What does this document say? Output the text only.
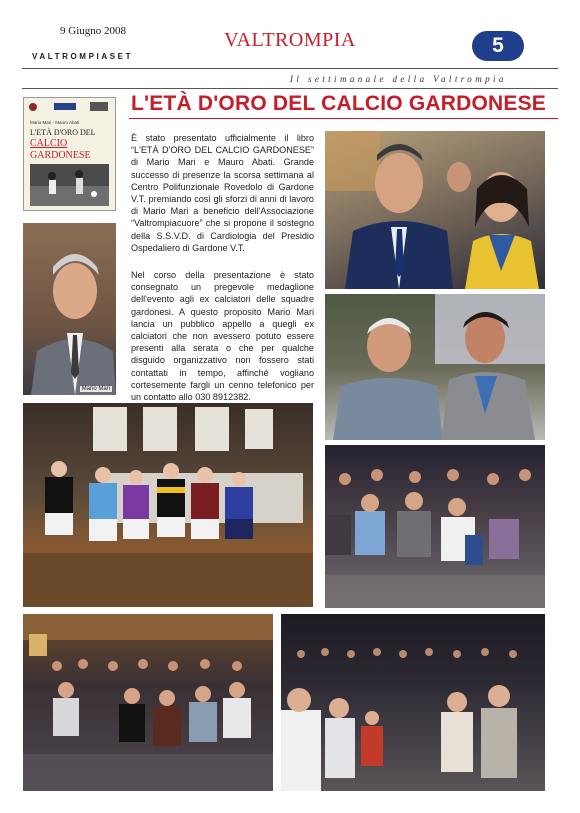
9 Giugno 2008
VALTROMPIASET
VALTROMPIA	5
Il settimanale della Valtrompia
L'ETÀ D'ORO DEL CALCIO GARDONESE
Mario Mari - Mauro Abati
L'ETÀ D'ORO DEL
CALCIO
GARDONESE
Mario Mari
È stato presentato ufficialmente il libro “L'ETÀ D'ORO DEL CALCIO GARDONESE” di Mario Mari e Mauro Abati. Grande successo di presenze la scorsa settimana al Centro Polifunzionale Rovedolo di Gardone V.T. premiando così gli sforzi di anni di lavoro di Mario Mari a beneficio dell'Associazione “Valtrompiacuore” che si propone il sostegno della S.S.V.D. di Cardiologia del Presidio Ospedaliero di Gardone V.T.
Nel corso della presentazione è stato consegnato un pregevole medaglione dell'evento agli ex calciatori delle squadre gardonesi. A questo proposito Mario Mari lancia un pubblico appello a quegli ex calciatori che non avessero potuto essere presenti alla serata o che per qualche disguido organizzativo non fossero stati contattati in tempo, affinché vogliano cortesemente fargli un cenno telefonico per un contatto allo 030 8912382.
